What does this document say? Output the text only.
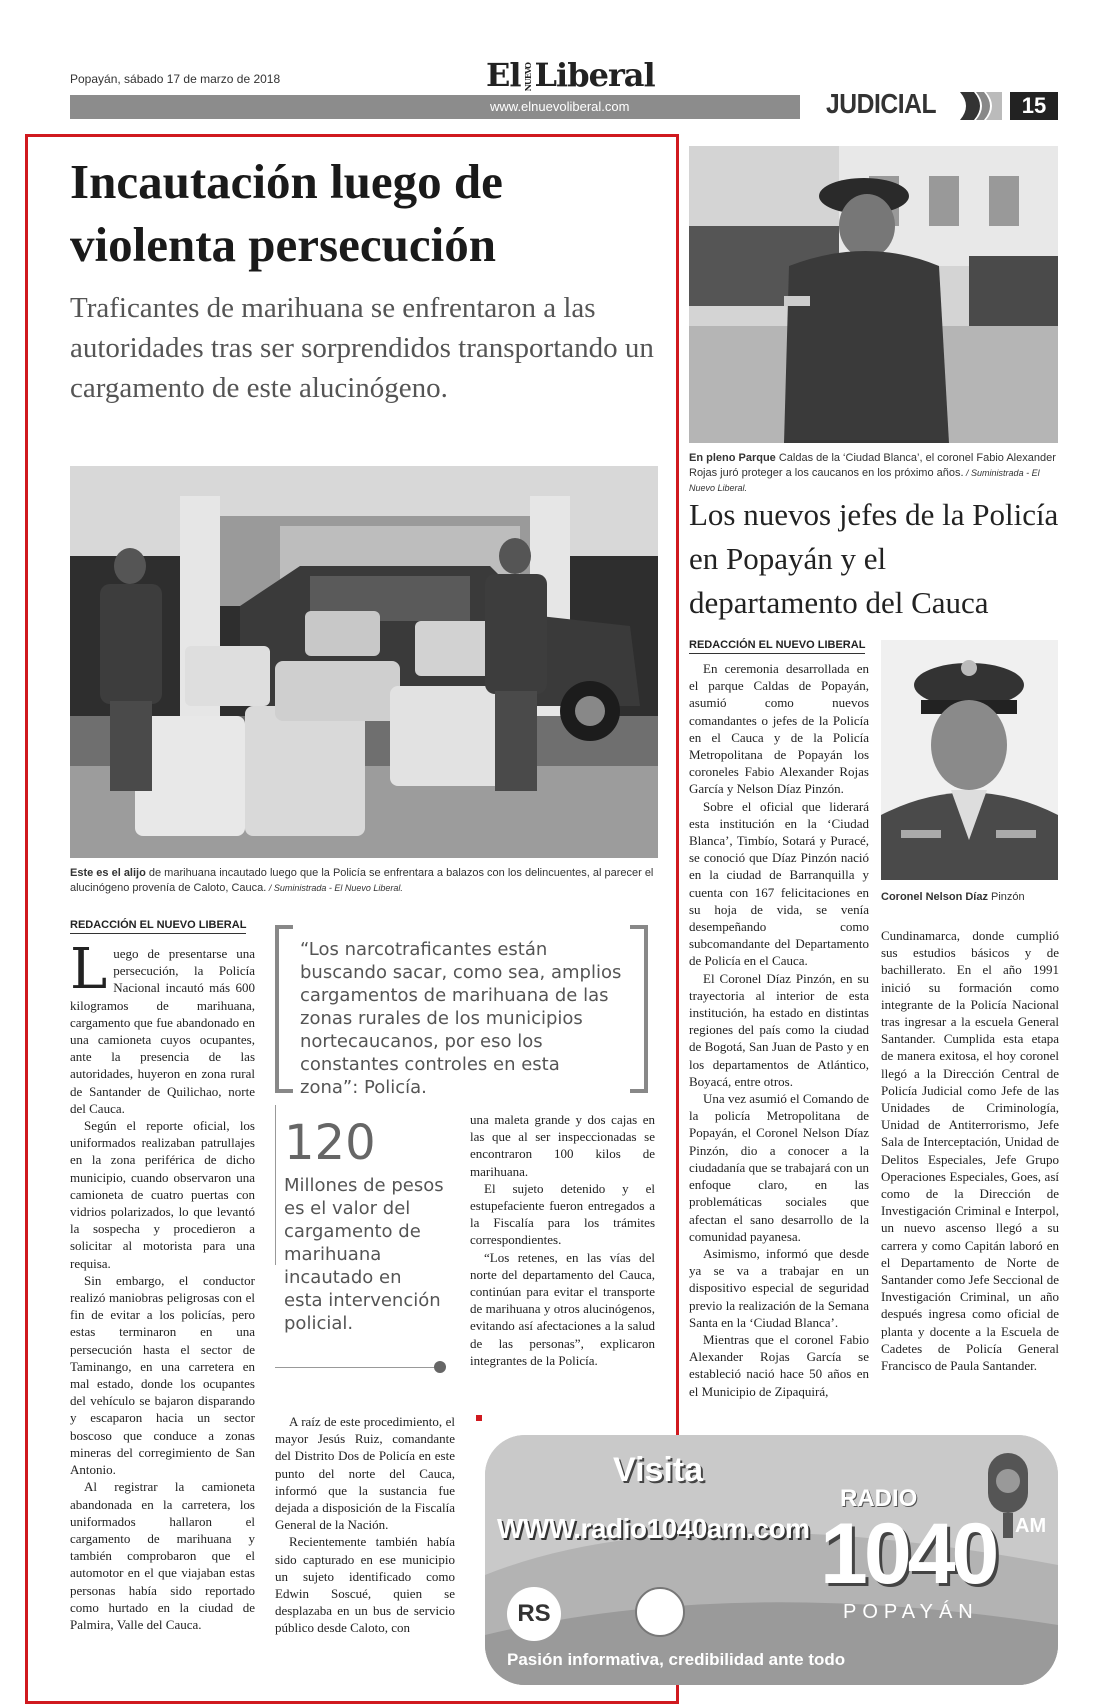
Popayán, sábado 17 de marzo de 2018	El NUEVOLiberal
www.elnuevoliberal.com	JUDICIAL	15
Incautación luego de violenta persecución
Traficantes de marihuana se enfrentaron a las autoridades tras ser sorprendidos transportando un cargamento de este alucinógeno.
Este es el alijo de marihuana incautado luego que la Policía se enfrentara a balazos con los delincuentes, al parecer el alucinógeno provenía de Caloto, Cauca. / Suministrada - El Nuevo Liberal.
REDACCIÓN EL NUEVO LIBERAL

Luego de presentarse una persecución, la Policía Nacional incautó más 600 kilogramos de marihuana, cargamento que fue abandonado en una camioneta cuyos ocupantes, ante la presencia de las autoridades, huyeron en zona rural de Santander de Quilichao, norte del Cauca.

Según el reporte oficial, los uniformados realizaban patrullajes en la zona periférica de dicho municipio, cuando observaron una camioneta de cuatro puertas con vidrios polarizados, lo que levantó la sospecha y procedieron a solicitar al motorista para una requisa.

Sin embargo, el conductor realizó maniobras peligrosas con el fin de evitar a los policías, pero estas terminaron en una persecución hasta el sector de Taminango, en una carretera en mal estado, donde los ocupantes del vehículo se bajaron disparando y escaparon hacia un sector boscoso que conduce a zonas mineras del corregimiento de San Antonio.

Al registrar la camioneta abandonada en la carretera, los uniformados hallaron el cargamento de marihuana y también comprobaron que el automotor en el que viajaban estas personas había sido reportado como hurtado en la ciudad de Palmira, Valle del Cauca.

“Los narcotraficantes están buscando sacar, como sea, amplios cargamentos de marihuana de las zonas rurales de los municipios nortecaucanos, por eso los constantes controles en esta zona”: Policía.
120
Millones de pesos es el valor del cargamento de marihuana incautado en esta intervención policial.

una maleta grande y dos cajas en las que al ser inspeccionadas se encontraron 100 kilos de marihuana.

El sujeto detenido y el estupefaciente fueron entregados a la Fiscalía para los trámites correspondientes.

“Los retenes, en las vías del norte del departamento del Cauca, continúan para evitar el transporte de marihuana y otros alucinógenos, evitando así afectaciones a la salud de las personas”, explicaron integrantes de la Policía.

A raíz de este procedimiento, el mayor Jesús Ruiz, comandante del Distrito Dos de Policía en este punto del norte del Cauca, informó que la sustancia fue dejada a disposición de la Fiscalía General de la Nación.

Recientemente también había sido capturado en ese municipio un sujeto identificado como Edwin Soscué, quien se desplazaba en un bus de servicio público desde Caloto, con

En pleno Parque Caldas de la ‘Ciudad Blanca’, el coronel Fabio Alexander Rojas juró proteger a los caucanos en los próximo años. / Suministrada - El Nuevo Liberal.
Los nuevos jefes de la Policía en Popayán y el departamento del Cauca
REDACCIÓN EL NUEVO LIBERAL

En ceremonia desarrollada en el parque Caldas de Popayán, asumió como nuevos comandantes o jefes de la Policía en el Cauca y de la Policía Metropolitana de Popayán los coroneles Fabio Alexander Rojas García y Nelson Díaz Pinzón.

Sobre el oficial que liderará esta institución en la ‘Ciudad Blanca’, Timbío, Sotará y Puracé, se conoció que Díaz Pinzón nació en la ciudad de Barranquilla y cuenta con 167 felicitaciones en su hoja de vida, se venía desempeñando como subcomandante del Departamento de Policía en el Cauca.

El Coronel Díaz Pinzón, en su trayectoria al interior de esta institución, ha estado en distintas regiones del país como la ciudad de Bogotá, San Juan de Pasto y en los departamentos de Atlántico, Boyacá, entre otros.

Una vez asumió el Comando de la policía Metropolitana de Popayán, el Coronel Nelson Díaz Pinzón, dio a conocer a la ciudadanía que se trabajará con un enfoque claro, en las problemáticas sociales que afectan el sano desarrollo de la comunidad payanesa.

Asimismo, informó que desde ya se va a trabajar en un dispositivo especial de seguridad previo la realización de la Semana Santa en la ‘Ciudad Blanca’.

Mientras que el coronel Fabio Alexander Rojas García se estableció nació hace 50 años en el Municipio de Zipaquirá,

Coronel Nelson Díaz Pinzón

Cundinamarca, donde cumplió sus estudios básicos y de bachillerato. En el año 1991 inició su formación como integrante de la Policía Nacional tras ingresar a la escuela General Santander. Cumplida esta etapa de manera exitosa, el hoy coronel llegó a la Dirección Central de Policía Judicial como Jefe de las Unidades de Criminología, Unidad de Antiterrorismo, Jefe Sala de Interceptación, Unidad de Delitos Especiales, Jefe Grupo Operaciones Especiales, Goes, así como de la Dirección de Investigación Criminal e Interpol, un nuevo ascenso llegó a su carrera y como Capitán laboró en el Departamento de Norte de Santander como Jefe Seccional de Investigación Criminal, un año después ingresa como oficial de planta y docente a la Escuela de Cadetes de Policía General Francisco de Paula Santander.

Visita
WWW.radio1040am.com
RADIO
1040 AM
POPAYÁN
RS
Pasión informativa, credibilidad ante todo
